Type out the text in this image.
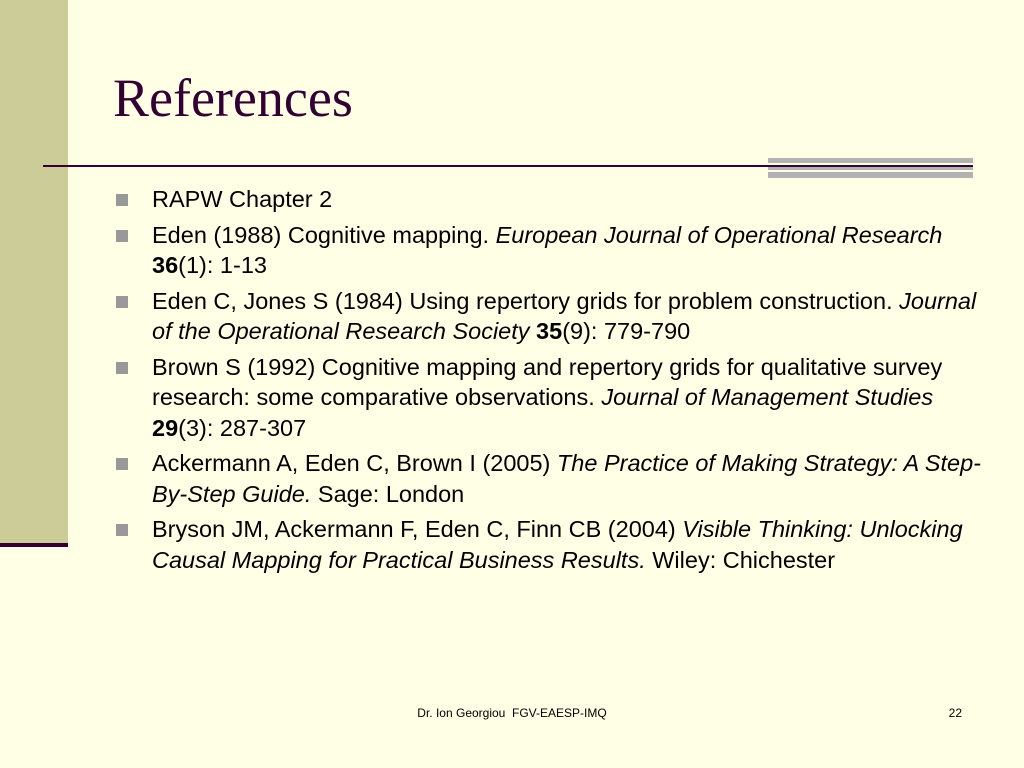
References
RAPW Chapter 2
Eden (1988) Cognitive mapping. European Journal of Operational Research 36(1): 1-13
Eden C, Jones S (1984) Using repertory grids for problem construction. Journal of the Operational Research Society 35(9): 779-790
Brown S (1992) Cognitive mapping and repertory grids for qualitative survey research: some comparative observations. Journal of Management Studies 29(3): 287-307
Ackermann A, Eden C, Brown I (2005) The Practice of Making Strategy: A Step-By-Step Guide. Sage: London
Bryson JM, Ackermann F, Eden C, Finn CB (2004) Visible Thinking: Unlocking Causal Mapping for Practical Business Results. Wiley: Chichester
Dr. Ion Georgiou  FGV-EAESP-IMQ	22
